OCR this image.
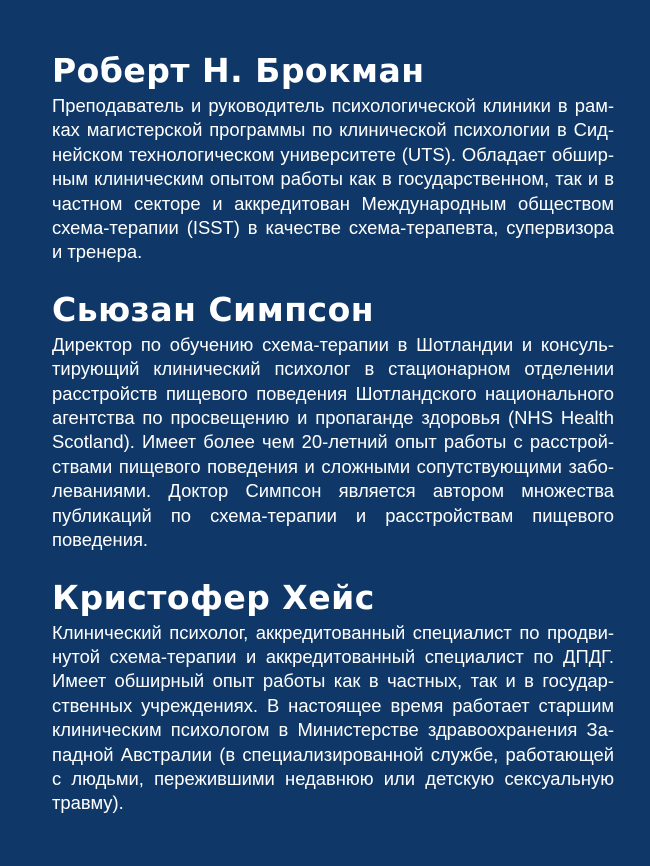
Роберт Н. Брокман

Преподаватель и руководитель психологической клиники в рамках магистерской программы по клинической психологии в Сиднейском технологическом университете (UTS). Обладает обширным клиническим опытом работы как в государственном, так и в частном секторе и аккредитован Международным обществом схема-терапии (ISST) в качестве схема-терапевта, супервизора и тренера.

Сьюзан Симпсон

Директор по обучению схема-терапии в Шотландии и консультирующий клинический психолог в стационарном отделении расстройств пищевого поведения Шотландского национального агентства по просвещению и пропаганде здоровья (NHS Health Scotland). Имеет более чем 20-летний опыт работы с расстройствами пищевого поведения и сложными сопутствующими заболеваниями. Доктор Симпсон является автором множества публикаций по схема-терапии и расстройствам пищевого поведения.

Кристофер Хейс

Клинический психолог, аккредитованный специалист по продвинутой схема-терапии и аккредитованный специалист по ДПДГ. Имеет обширный опыт работы как в частных, так и в государственных учреждениях. В настоящее время работает старшим клиническим психологом в Министерстве здравоохранения Западной Австралии (в специализированной службе, работающей с людьми, пережившими недавнюю или детскую сексуальную травму).
